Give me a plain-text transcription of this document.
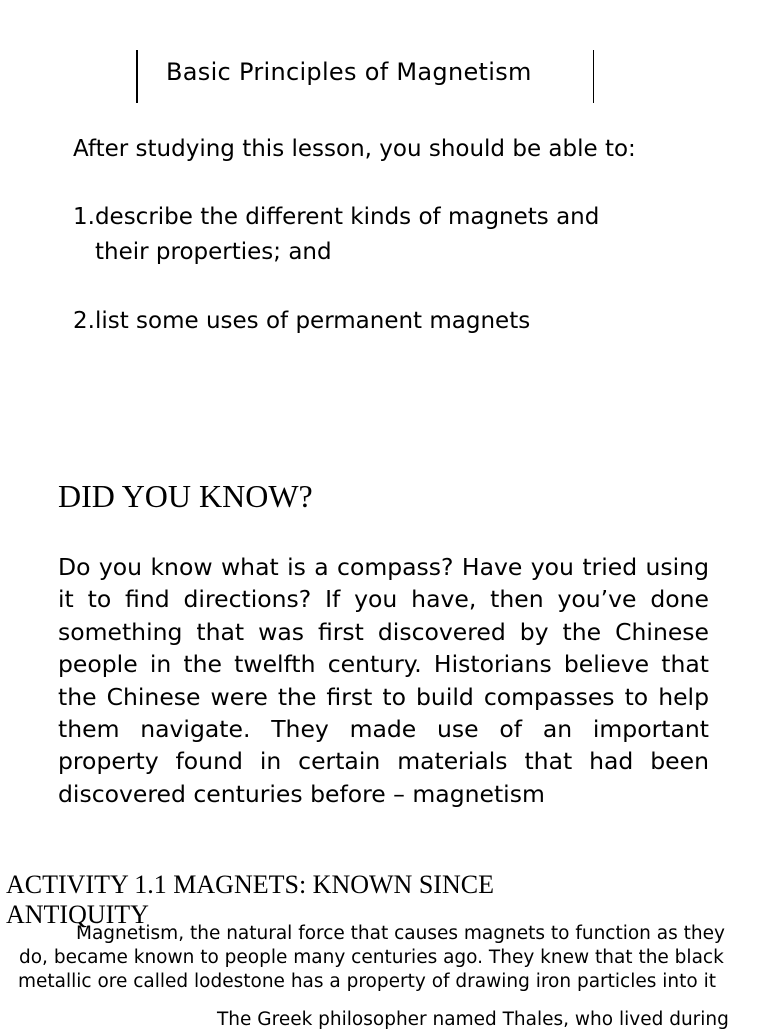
Basic Principles of Magnetism
After studying this lesson, you should be able to:
1.describe the different kinds of magnets and
their properties; and
2.list some uses of permanent magnets
DID YOU KNOW?
Do you know what is a compass? Have you tried using it to find directions? If you have, then you’ve done something that was first discovered by the Chinese people in the twelfth century. Historians believe that the Chinese were the first to build compasses to help them navigate. They made use of an important property found in certain materials that had been discovered centuries before – magnetism
ACTIVITY 1.1 MAGNETS: KNOWN SINCE ANTIQUITY
Magnetism, the natural force that causes magnets to function as they
do, became known to people many centuries ago. They knew that the black
metallic ore called lodestone has a property of drawing iron particles into it
The Greek philosopher named Thales, who lived during
